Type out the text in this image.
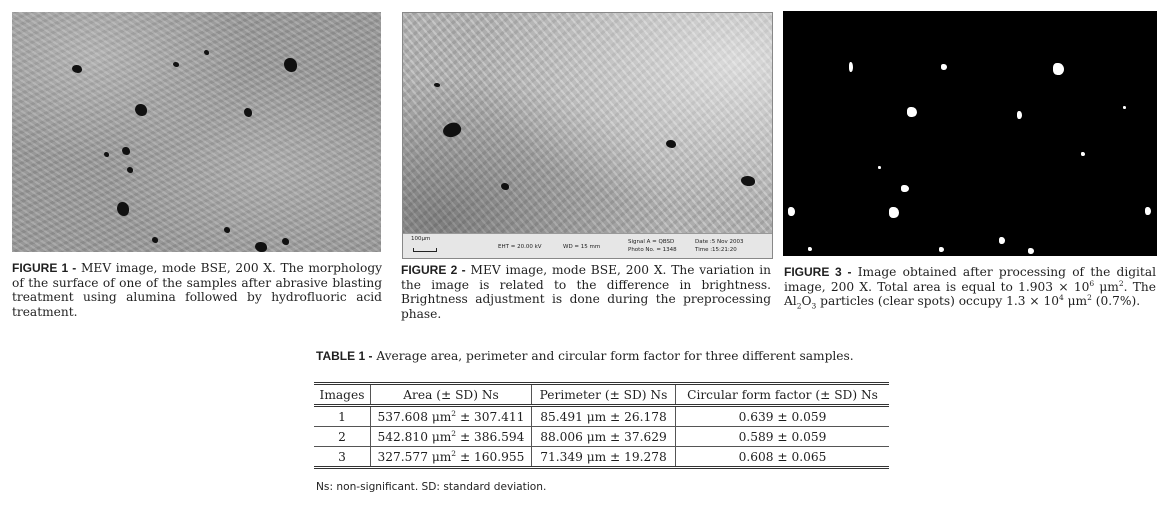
FIGURE 1 - MEV image, mode BSE, 200 X. The morphology of the surface of one of the samples after abrasive blasting treatment using alumina followed by hydrofluoric acid treatment.
100μm
EHT = 20.00 kV	WD = 15 mm
Signal A = QBSD
Photo No. = 1348
Date :5 Nov 2003
Time :15:21:20
FIGURE 2 - MEV image, mode BSE, 200 X. The variation in the image is related to the difference in brightness. Brightness adjustment is done during the preprocessing phase.
FIGURE 3 - Image obtained after processing of the digital image, 200 X. Total area is equal to $1.903 \times 10^6$ $\mu m^2$. The $Al_2O_3$ particles (clear spots) occupy $1.3 \times 10^4$ $\mu m^2$ (0.7%).
TABLE 1 - Average area, perimeter and circular form factor for three different samples.
Images	Area (± SD) Ns	Perimeter (± SD) Ns	Circular form factor (± SD) Ns
1	537.608 $\mu m^2 \pm 307.411$	85.491 μm ± 26.178	0.639 ± 0.059
2	542.810 $\mu m^2 \pm 386.594$	88.006 μm ± 37.629	0.589 ± 0.059
3	327.577 $\mu m^2 \pm 160.955$	71.349 μm ± 19.278	0.608 ± 0.065
Ns: non-significant. SD: standard deviation.
